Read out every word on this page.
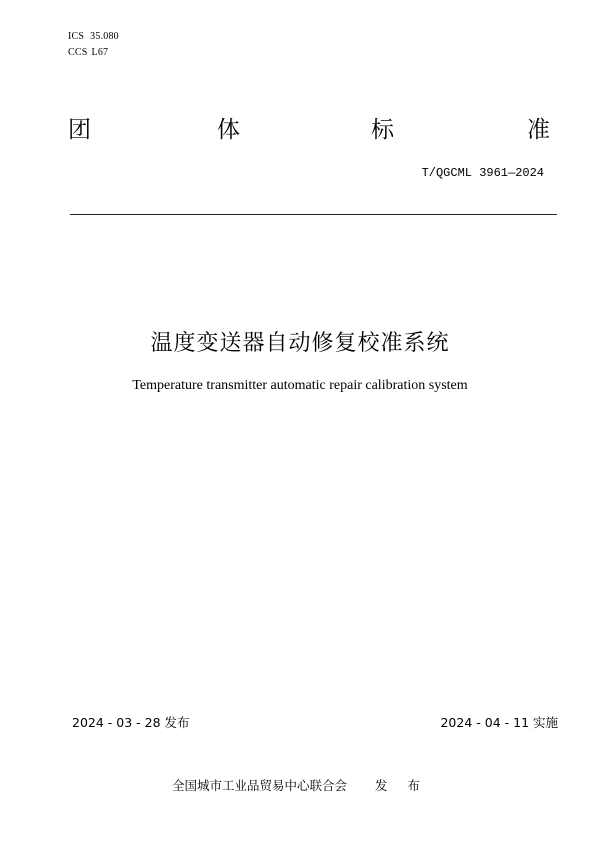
ICS 35.080
CCS L67
团	体	标	准
T/QGCML 3961—2024
温度变送器自动修复校准系统
Temperature transmitter automatic repair calibration system
2024 - 03 - 28 发布	2024 - 04 - 11 实施
全国城市工业品贸易中心联合会 发 布
